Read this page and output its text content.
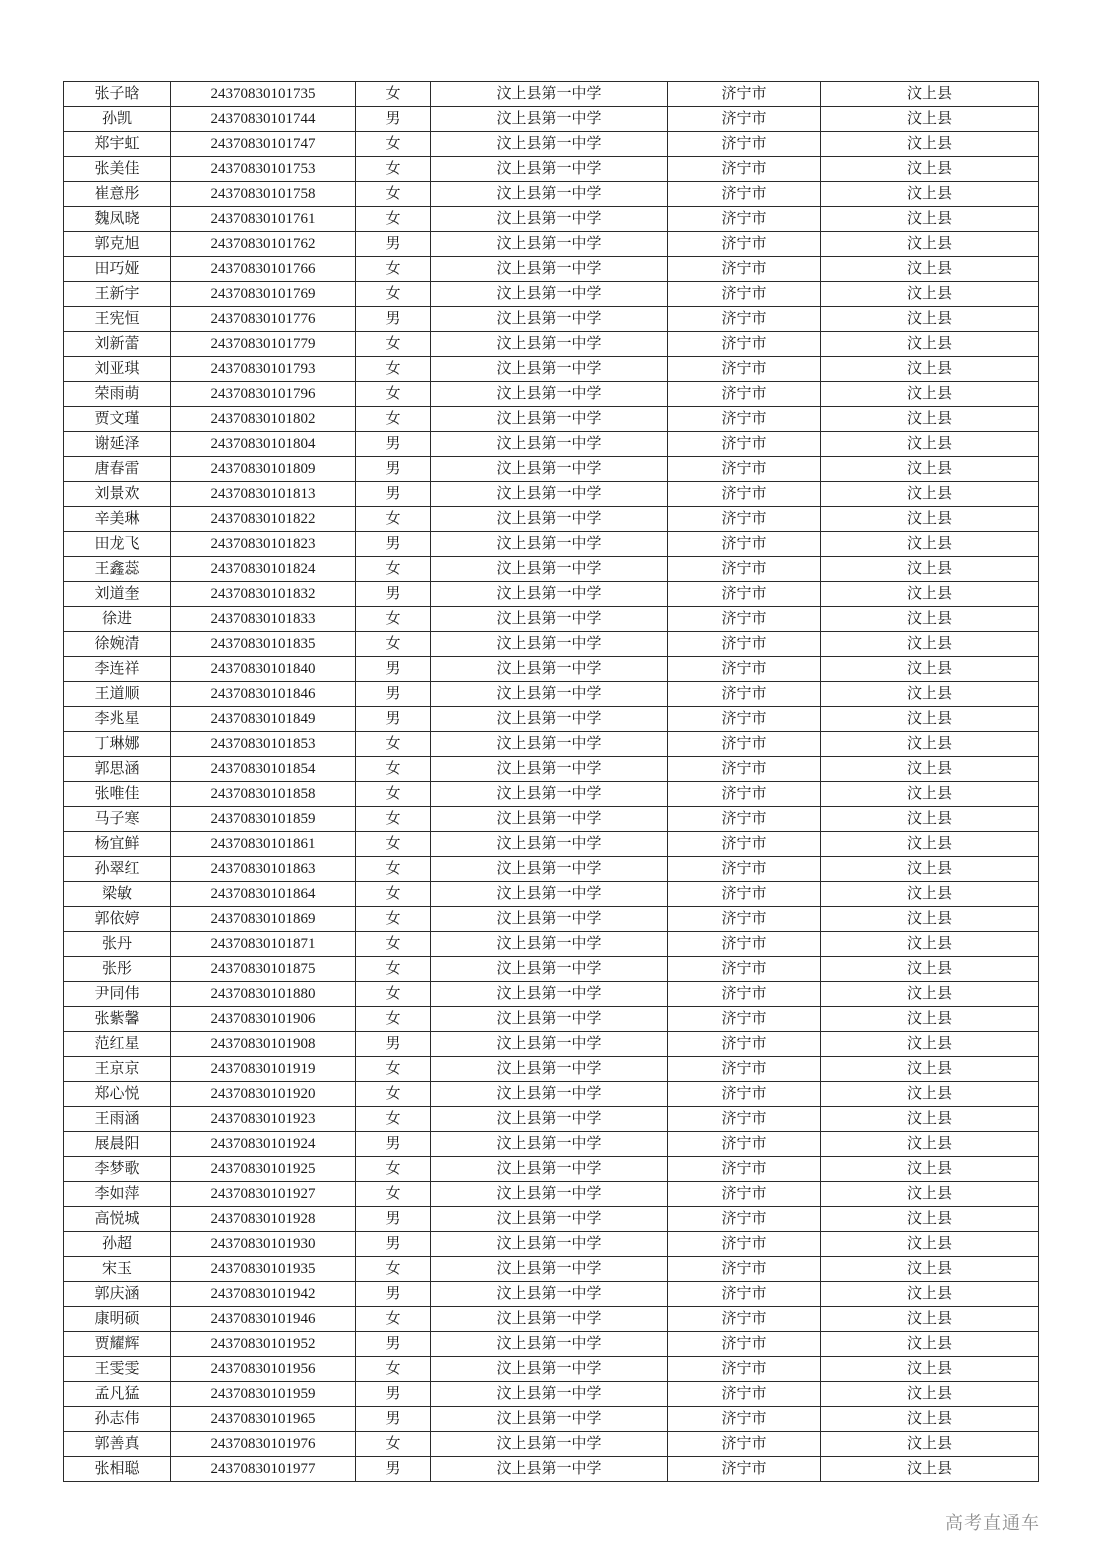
张子晗	24370830101735	女	汶上县第一中学	济宁市	汶上县
孙凯	24370830101744	男	汶上县第一中学	济宁市	汶上县
郑宇虹	24370830101747	女	汶上县第一中学	济宁市	汶上县
张美佳	24370830101753	女	汶上县第一中学	济宁市	汶上县
崔意彤	24370830101758	女	汶上县第一中学	济宁市	汶上县
魏凤晓	24370830101761	女	汶上县第一中学	济宁市	汶上县
郭克旭	24370830101762	男	汶上县第一中学	济宁市	汶上县
田巧娅	24370830101766	女	汶上县第一中学	济宁市	汶上县
王新宇	24370830101769	女	汶上县第一中学	济宁市	汶上县
王宪恒	24370830101776	男	汶上县第一中学	济宁市	汶上县
刘新蕾	24370830101779	女	汶上县第一中学	济宁市	汶上县
刘亚琪	24370830101793	女	汶上县第一中学	济宁市	汶上县
荣雨萌	24370830101796	女	汶上县第一中学	济宁市	汶上县
贾文瑾	24370830101802	女	汶上县第一中学	济宁市	汶上县
谢延泽	24370830101804	男	汶上县第一中学	济宁市	汶上县
唐春雷	24370830101809	男	汶上县第一中学	济宁市	汶上县
刘景欢	24370830101813	男	汶上县第一中学	济宁市	汶上县
辛美琳	24370830101822	女	汶上县第一中学	济宁市	汶上县
田龙飞	24370830101823	男	汶上县第一中学	济宁市	汶上县
王鑫蕊	24370830101824	女	汶上县第一中学	济宁市	汶上县
刘道奎	24370830101832	男	汶上县第一中学	济宁市	汶上县
徐进	24370830101833	女	汶上县第一中学	济宁市	汶上县
徐婉清	24370830101835	女	汶上县第一中学	济宁市	汶上县
李连祥	24370830101840	男	汶上县第一中学	济宁市	汶上县
王道顺	24370830101846	男	汶上县第一中学	济宁市	汶上县
李兆星	24370830101849	男	汶上县第一中学	济宁市	汶上县
丁琳娜	24370830101853	女	汶上县第一中学	济宁市	汶上县
郭思涵	24370830101854	女	汶上县第一中学	济宁市	汶上县
张唯佳	24370830101858	女	汶上县第一中学	济宁市	汶上县
马子寒	24370830101859	女	汶上县第一中学	济宁市	汶上县
杨宜鲜	24370830101861	女	汶上县第一中学	济宁市	汶上县
孙翠红	24370830101863	女	汶上县第一中学	济宁市	汶上县
梁敏	24370830101864	女	汶上县第一中学	济宁市	汶上县
郭依婷	24370830101869	女	汶上县第一中学	济宁市	汶上县
张丹	24370830101871	女	汶上县第一中学	济宁市	汶上县
张彤	24370830101875	女	汶上县第一中学	济宁市	汶上县
尹同伟	24370830101880	女	汶上县第一中学	济宁市	汶上县
张紫馨	24370830101906	女	汶上县第一中学	济宁市	汶上县
范红星	24370830101908	男	汶上县第一中学	济宁市	汶上县
王京京	24370830101919	女	汶上县第一中学	济宁市	汶上县
郑心悦	24370830101920	女	汶上县第一中学	济宁市	汶上县
王雨涵	24370830101923	女	汶上县第一中学	济宁市	汶上县
展晨阳	24370830101924	男	汶上县第一中学	济宁市	汶上县
李梦歌	24370830101925	女	汶上县第一中学	济宁市	汶上县
李如萍	24370830101927	女	汶上县第一中学	济宁市	汶上县
高悦城	24370830101928	男	汶上县第一中学	济宁市	汶上县
孙超	24370830101930	男	汶上县第一中学	济宁市	汶上县
宋玉	24370830101935	女	汶上县第一中学	济宁市	汶上县
郭庆涵	24370830101942	男	汶上县第一中学	济宁市	汶上县
康明硕	24370830101946	女	汶上县第一中学	济宁市	汶上县
贾耀辉	24370830101952	男	汶上县第一中学	济宁市	汶上县
王雯雯	24370830101956	女	汶上县第一中学	济宁市	汶上县
孟凡猛	24370830101959	男	汶上县第一中学	济宁市	汶上县
孙志伟	24370830101965	男	汶上县第一中学	济宁市	汶上县
郭善真	24370830101976	女	汶上县第一中学	济宁市	汶上县
张相聪	24370830101977	男	汶上县第一中学	济宁市	汶上县
高考直通车
